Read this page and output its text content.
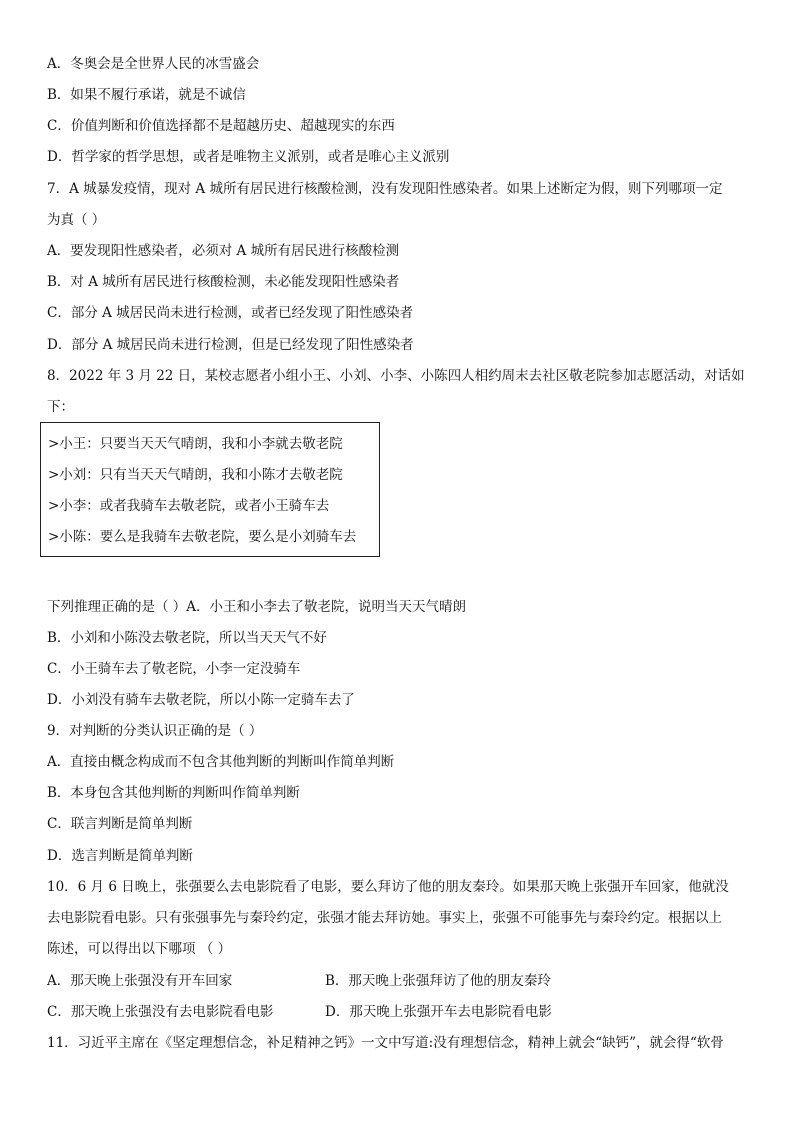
A．冬奥会是全世界人民的冰雪盛会
B．如果不履行承诺，就是不诚信
C．价值判断和价值选择都不是超越历史、超越现实的东西
D．哲学家的哲学思想，或者是唯物主义派别，或者是唯心主义派别
7．A 城暴发疫情，现对 A 城所有居民进行核酸检测，没有发现阳性感染者。如果上述断定为假，则下列哪项一定
为真（ ）
A．要发现阳性感染者，必须对 A 城所有居民进行核酸检测
B．对 A 城所有居民进行核酸检测，未必能发现阳性感染者
C．部分 A 城居民尚未进行检测，或者已经发现了阳性感染者
D．部分 A 城居民尚未进行检测，但是已经发现了阳性感染者
8．2022 年 3 月 22 日，某校志愿者小组小王、小刘、小李、小陈四人相约周末去社区敬老院参加志愿活动，对话如
下：
>小王：只要当天天气晴朗，我和小李就去敬老院
>小刘：只有当天天气晴朗，我和小陈才去敬老院
>小李：或者我骑车去敬老院，或者小王骑车去
>小陈：要么是我骑车去敬老院，要么是小刘骑车去
下列推理正确的是（ ）A．小王和小李去了敬老院，说明当天天气晴朗
B．小刘和小陈没去敬老院，所以当天天气不好
C．小王骑车去了敬老院，小李一定没骑车
D．小刘没有骑车去敬老院，所以小陈一定骑车去了
9．对判断的分类认识正确的是（ ）
A．直接由概念构成而不包含其他判断的判断叫作简单判断
B．本身包含其他判断的判断叫作简单判断
C．联言判断是简单判断
D．选言判断是简单判断
10．6 月 6 日晚上，张强要么去电影院看了电影，要么拜访了他的朋友秦玲。如果那天晚上张强开车回家，他就没
去电影院看电影。只有张强事先与秦玲约定，张强才能去拜访她。事实上，张强不可能事先与秦玲约定。根据以上
陈述，可以得出以下哪项 （ ）
A．那天晚上张强没有开车回家	B．那天晚上张强拜访了他的朋友秦玲
C．那天晚上张强没有去电影院看电影	D．那天晚上张强开车去电影院看电影
11．习近平主席在《坚定理想信念，补足精神之钙》一文中写道:没有理想信念，精神上就会“缺钙”，就会得“软骨
